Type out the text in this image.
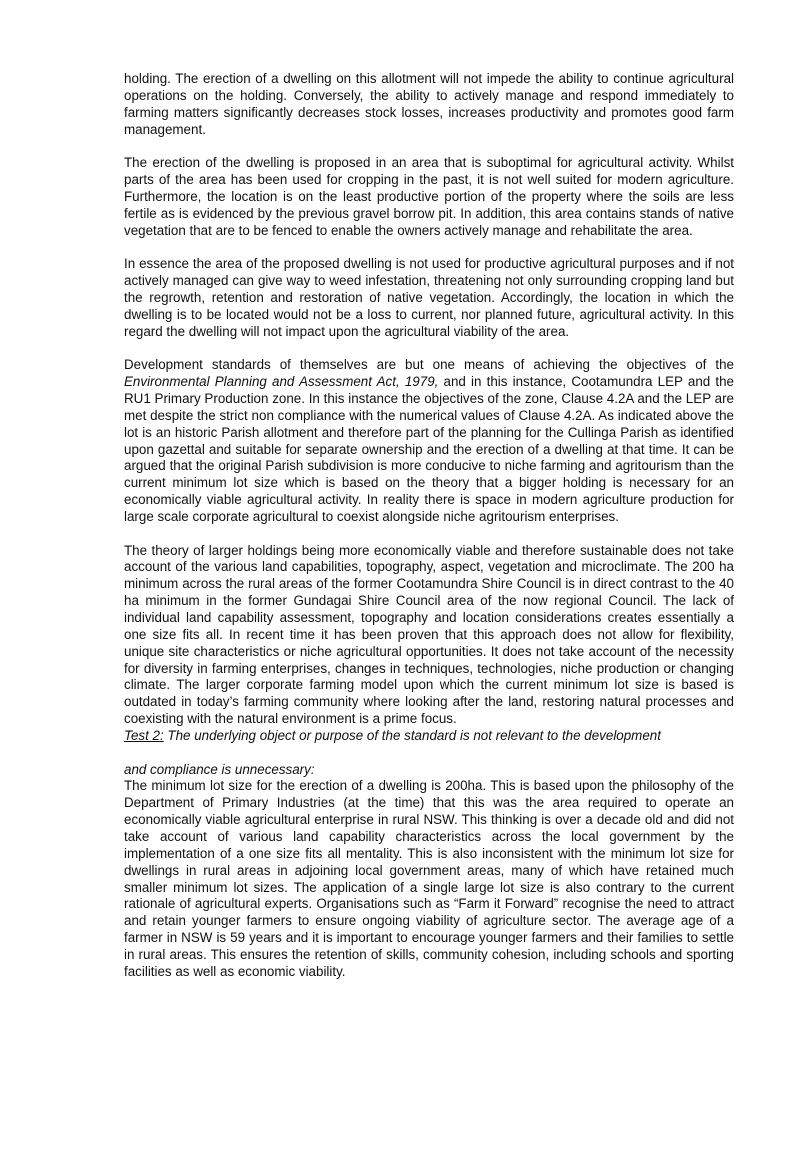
holding. The erection of a dwelling on this allotment will not impede the ability to continue agricultural operations on the holding. Conversely, the ability to actively manage and respond immediately to farming matters significantly decreases stock losses, increases productivity and promotes good farm management.

The erection of the dwelling is proposed in an area that is suboptimal for agricultural activity. Whilst parts of the area has been used for cropping in the past, it is not well suited for modern agriculture. Furthermore, the location is on the least productive portion of the property where the soils are less fertile as is evidenced by the previous gravel borrow pit. In addition, this area contains stands of native vegetation that are to be fenced to enable the owners actively manage and rehabilitate the area.

In essence the area of the proposed dwelling is not used for productive agricultural purposes and if not actively managed can give way to weed infestation, threatening not only surrounding cropping land but the regrowth, retention and restoration of native vegetation. Accordingly, the location in which the dwelling is to be located would not be a loss to current, nor planned future, agricultural activity. In this regard the dwelling will not impact upon the agricultural viability of the area.

Development standards of themselves are but one means of achieving the objectives of the Environmental Planning and Assessment Act, 1979, and in this instance, Cootamundra LEP and the RU1 Primary Production zone. In this instance the objectives of the zone, Clause 4.2A and the LEP are met despite the strict non compliance with the numerical values of Clause 4.2A. As indicated above the lot is an historic Parish allotment and therefore part of the planning for the Cullinga Parish as identified upon gazettal and suitable for separate ownership and the erection of a dwelling at that time. It can be argued that the original Parish subdivision is more conducive to niche farming and agritourism than the current minimum lot size which is based on the theory that a bigger holding is necessary for an economically viable agricultural activity. In reality there is space in modern agriculture production for large scale corporate agricultural to coexist alongside niche agritourism enterprises.

The theory of larger holdings being more economically viable and therefore sustainable does not take account of the various land capabilities, topography, aspect, vegetation and microclimate. The 200 ha minimum across the rural areas of the former Cootamundra Shire Council is in direct contrast to the 40 ha minimum in the former Gundagai Shire Council area of the now regional Council. The lack of individual land capability assessment, topography and location considerations creates essentially a one size fits all. In recent time it has been proven that this approach does not allow for flexibility, unique site characteristics or niche agricultural opportunities. It does not take account of the necessity for diversity in farming enterprises, changes in techniques, technologies, niche production or changing climate. The larger corporate farming model upon which the current minimum lot size is based is outdated in today’s farming community where looking after the land, restoring natural processes and coexisting with the natural environment is a prime focus.

Test 2: The underlying object or purpose of the standard is not relevant to the development

and compliance is unnecessary:

The minimum lot size for the erection of a dwelling is 200ha. This is based upon the philosophy of the Department of Primary Industries (at the time) that this was the area required to operate an economically viable agricultural enterprise in rural NSW. This thinking is over a decade old and did not take account of various land capability characteristics across the local government by the implementation of a one size fits all mentality. This is also inconsistent with the minimum lot size for dwellings in rural areas in adjoining local government areas, many of which have retained much smaller minimum lot sizes. The application of a single large lot size is also contrary to the current rationale of agricultural experts. Organisations such as “Farm it Forward” recognise the need to attract and retain younger farmers to ensure ongoing viability of agriculture sector. The average age of a farmer in NSW is 59 years and it is important to encourage younger farmers and their families to settle in rural areas. This ensures the retention of skills, community cohesion, including schools and sporting facilities as well as economic viability.
